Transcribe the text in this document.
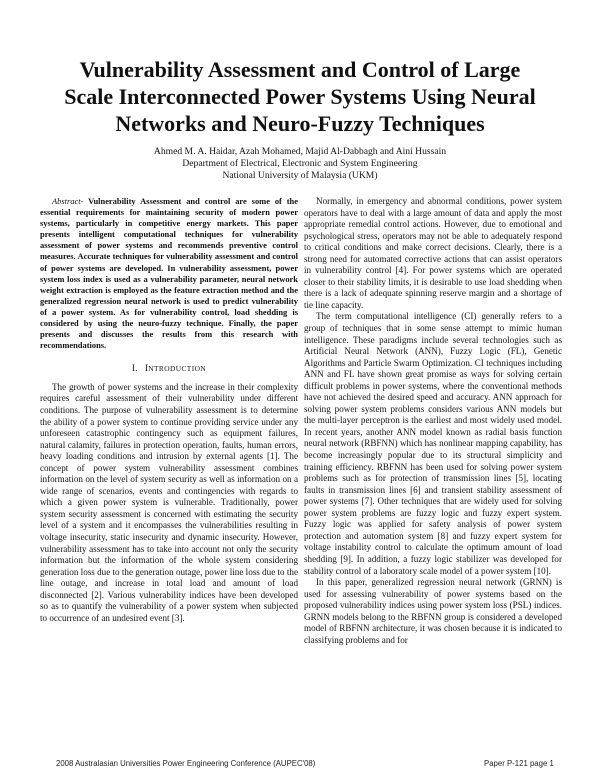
Vulnerability Assessment and Control of Large
Scale Interconnected Power Systems Using Neural
Networks and Neuro-Fuzzy Techniques
Ahmed M. A. Haidar, Azah Mohamed, Majid Al-Dabbagh and Aini Hussain
Department of Electrical, Electronic and System Engineering
National University of Malaysia (UKM)

Abstract- Vulnerability Assessment and control are some of the essential requirements for maintaining security of modern power systems, particularly in competitive energy markets. This paper presents intelligent computational techniques for vulnerability assessment of power systems and recommends preventive control measures. Accurate techniques for vulnerability assessment and control of power systems are developed. In vulnerability assessment, power system loss index is used as a vulnerability parameter, neural network weight extraction is employed as the feature extraction method and the generalized regression neural network is used to predict vulnerability of a power system. As for vulnerability control, load shedding is considered by using the neuro-fuzzy technique. Finally, the paper presents and discusses the results from this research with recommendations.

I. INTRODUCTION

The growth of power systems and the increase in their complexity requires careful assessment of their vulnerability under different conditions. The purpose of vulnerability assessment is to determine the ability of a power system to continue providing service under any unforeseen catastrophic contingency such as equipment failures, natural calamity, failures in protection operation, faults, human errors, heavy loading conditions and intrusion by external agents [1]. The concept of power system vulnerability assessment combines information on the level of system security as well as information on a wide range of scenarios, events and contingencies with regards to which a given power system is vulnerable. Traditionally, power system security assessment is concerned with estimating the security level of a system and it encompasses the vulnerabilities resulting in voltage insecurity, static insecurity and dynamic insecurity. However, vulnerability assessment has to take into account not only the security information but the information of the whole system considering generation loss due to the generation outage, power line loss due to the line outage, and increase in total load and amount of load disconnected [2]. Various vulnerability indices have been developed so as to quantify the vulnerability of a power system when subjected to occurrence of an undesired event [3].

Normally, in emergency and abnormal conditions, power system operators have to deal with a large amount of data and apply the most appropriate remedial control actions. However, due to emotional and psychological stress, operators may not be able to adequately respond to critical conditions and make correct decisions. Clearly, there is a strong need for automated corrective actions that can assist operators in vulnerability control [4]. For power systems which are operated closer to their stability limits, it is desirable to use load shedding when there is a lack of adequate spinning reserve margin and a shortage of tie line capacity.

The term computational intelligence (CI) generally refers to a group of techniques that in some sense attempt to mimic human intelligence. These paradigms include several technologies such as Artificial Neural Network (ANN), Fuzzy Logic (FL), Genetic Algorithms and Particle Swarm Optimization. CI techniques including ANN and FL have shown great promise as ways for solving certain difficult problems in power systems, where the conventional methods have not achieved the desired speed and accuracy. ANN approach for solving power system problems considers various ANN models but the multi-layer perceptron is the earliest and most widely used model. In recent years, another ANN model known as radial basis function neural network (RBFNN) which has nonlinear mapping capability, has become increasingly popular due to its structural simplicity and training efficiency. RBFNN has been used for solving power system problems such as for protection of transmission lines [5], locating faults in transmission lines [6] and transient stability assessment of power systems [7]. Other techniques that are widely used for solving power system problems are fuzzy logic and fuzzy expert system. Fuzzy logic was applied for safety analysis of power system protection and automation system [8] and fuzzy expert system for voltage instability control to calculate the optimum amount of load shedding [9]. In addition, a fuzzy logic stabilizer was developed for stability control of a laboratory scale model of a power system [10].

In this paper, generalized regression neural network (GRNN) is used for assessing vulnerability of power systems based on the proposed vulnerability indices using power system loss (PSL) indices. GRNN models belong to the RBFNN group is considered a developed model of RBFNN architecture, it was chosen because it is indicated to classifying problems and for

2008 Australasian Universities Power Engineering Conference (AUPEC'08)	Paper P-121 page 1
